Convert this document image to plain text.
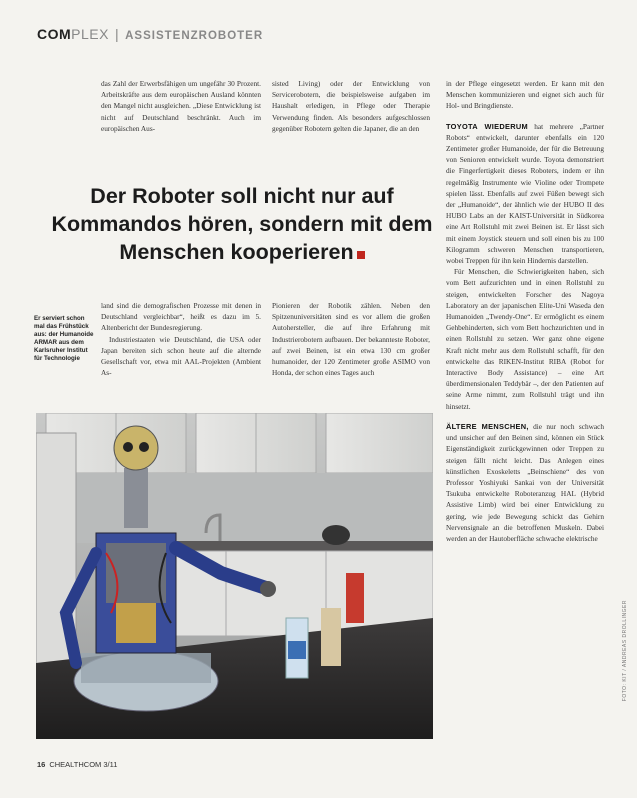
COMPLEX | ASSISTENZROBOTER

das Zahl der Erwerbsfähigen um ungefähr 30 Prozent. Arbeitskräfte aus dem europäischen Ausland könnten den Mangel nicht ausgleichen. „Diese Entwicklung ist nicht auf Deutschland beschränkt. Auch im europäischen Aus-

sisted Living) oder der Entwicklung von Servicerobotern, die beispielsweise aufgaben im Haushalt erledigen, in Pflege oder Therapie Verwendung finden. Als besonders aufgeschlossen gegenüber Robotern gelten die Japaner, die an den

in der Pflege eingesetzt werden. Er kann mit den Menschen kommunizieren und eignet sich auch für Hol- und Bringdienste.

TOYOTA WIEDERUM hat mehrere „Partner Robots“ entwickelt, darunter ebenfalls ein 120 Zentimeter großer Humanoide, der für die Betreuung von Senioren entwickelt wurde. Toyota demonstriert die Fingerfertigkeit dieses Roboters, indem er ihn regelmäßig Instrumente wie Violine oder Trompete spielen lässt. Ebenfalls auf zwei Füßen bewegt sich der „Humanoide“, der ähnlich wie der HUBO II des HUBO Labs an der KAIST-Universität in Südkorea eine Art Rollstuhl mit zwei Beinen ist. Er lässt sich mit einem Joystick steuern und soll einen bis zu 100 Kilogramm schweren Menschen transportieren, wobei Treppen für ihn kein Hindernis darstellen.

Für Menschen, die Schwierigkeiten haben, sich vom Bett aufzurichten und in einen Rollstuhl zu steigen, entwickelten Forscher des Nagoya Laboratory an der japanischen Elite-Uni Waseda den Humanoiden „Twendy-One“. Er ermöglicht es einem Gehbehinderten, sich vom Bett hochzurichten und in einen Rollstuhl zu setzen. Wer ganz ohne eigene Kraft nicht mehr aus dem Rollstuhl schafft, für den entwickelte das RIKEN-Institut RIBA (Robot for Interactive Body Assistance) – eine Art überdimensionalen Teddybär –, der den Patienten auf seine Arme nimmt, zum Rollstuhl trägt und ihn hinsetzt.

ÄLTERE MENSCHEN, die nur noch schwach und unsicher auf den Beinen sind, können ein Stück Eigenständigkeit zurückgewinnen oder Treppen zu steigen fällt nicht leicht. Das Anlegen eines künstlichen Exoskeletts „Beinschiene“ des von Professor Yoshiyuki Sankai von der Universität Tsukuba entwickelte Roboteranzug HAL (Hybrid Assistive Limb) wird bei einer Entwicklung zu gering, wie jede Bewegung schickt das Gehirn Nervensignale an die betroffenen Muskeln. Dabei werden an der Hautoberfläche schwache elektrische

Der Roboter soll nicht nur auf Kommandos hören, sondern mit dem Menschen kooperieren
Er serviert schon mal das Frühstück aus: der Humanoide ARMAR aus dem Karlsruher Institut für Technologie

land sind die demografischen Prozesse mit denen in Deutschland vergleichbar“, heißt es dazu im 5. Altenbericht der Bundesregierung.

Industriestaaten wie Deutschland, die USA oder Japan bereiten sich schon heute auf die alternde Gesellschaft vor, etwa mit AAL-Projekten (Ambient As-

Pionieren der Robotik zählen. Neben den Spitzenuniversitäten sind es vor allem die großen Autohersteller, die auf ihre Erfahrung mit Industrierobotern aufbauen. Der bekannteste Roboter, auf zwei Beinen, ist ein etwa 130 cm großer humanoider, der 120 Zentimeter große ASIMO von Honda, der schon eines Tages auch

FOTO: KIT / ANDREAS DROLLINGER
16 CHEALTHCOM 3/11
